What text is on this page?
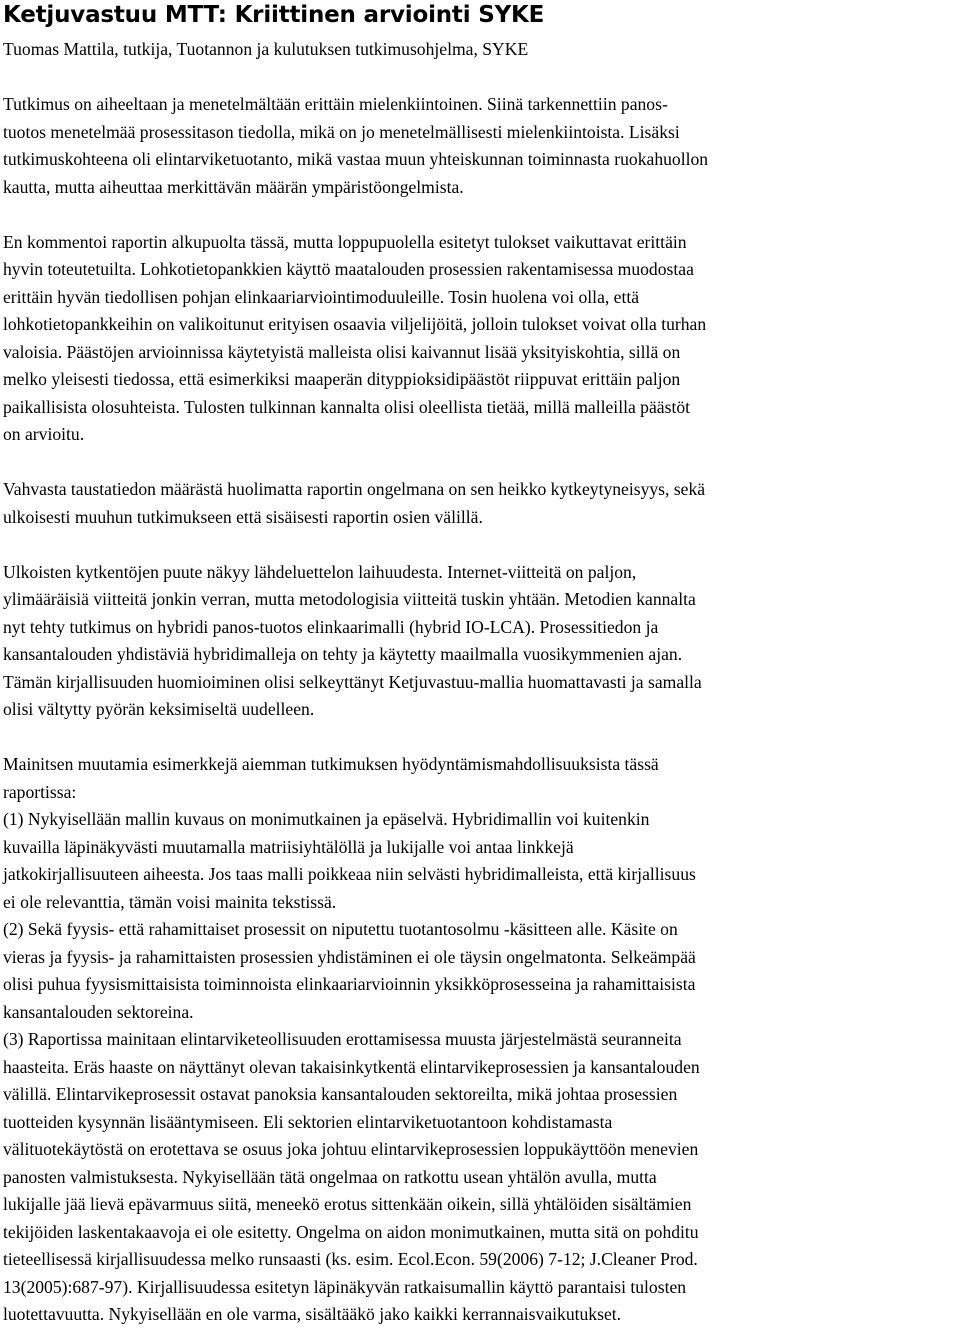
Ketjuvastuu MTT: Kriittinen arviointi SYKE

Tuomas Mattila, tutkija, Tuotannon ja kulutuksen tutkimusohjelma, SYKE

Tutkimus on aiheeltaan ja menetelmältään erittäin mielenkiintoinen. Siinä tarkennettiin panos-
tuotos menetelmää prosessitason tiedolla, mikä on jo menetelmällisesti mielenkiintoista. Lisäksi
tutkimuskohteena oli elintarviketuotanto, mikä vastaa muun yhteiskunnan toiminnasta ruokahuollon
kautta, mutta aiheuttaa merkittävän määrän ympäristöongelmista.

En kommentoi raportin alkupuolta tässä, mutta loppupuolella esitetyt tulokset vaikuttavat erittäin
hyvin toteutetuilta. Lohkotietopankkien käyttö maatalouden prosessien rakentamisessa muodostaa
erittäin hyvän tiedollisen pohjan elinkaariarviointimoduuleille. Tosin huolena voi olla, että
lohkotietopankkeihin on valikoitunut erityisen osaavia viljelijöitä, jolloin tulokset voivat olla turhan
valoisia. Päästöjen arvioinnissa käytetyistä malleista olisi kaivannut lisää yksityiskohtia, sillä on
melko yleisesti tiedossa, että esimerkiksi maaperän dityppioksidipäästöt riippuvat erittäin paljon
paikallisista olosuhteista. Tulosten tulkinnan kannalta olisi oleellista tietää, millä malleilla päästöt
on arvioitu.

Vahvasta taustatiedon määrästä huolimatta raportin ongelmana on sen heikko kytkeytyneisyys, sekä
ulkoisesti muuhun tutkimukseen että sisäisesti raportin osien välillä.

Ulkoisten kytkentöjen puute näkyy lähdeluettelon laihuudesta. Internet-viitteitä on paljon,
ylimääräisiä viitteitä jonkin verran, mutta metodologisia viitteitä tuskin yhtään. Metodien kannalta
nyt tehty tutkimus on hybridi panos-tuotos elinkaarimalli (hybrid IO-LCA). Prosessitiedon ja
kansantalouden yhdistäviä hybridimalleja on tehty ja käytetty maailmalla vuosikymmenien ajan.
Tämän kirjallisuuden huomioiminen olisi selkeyttänyt Ketjuvastuu-mallia huomattavasti ja samalla
olisi vältytty pyörän keksimiseltä uudelleen.

Mainitsen muutamia esimerkkejä aiemman tutkimuksen hyödyntämismahdollisuuksista tässä
raportissa:
(1) Nykyisellään mallin kuvaus on monimutkainen ja epäselvä. Hybridimallin voi kuitenkin
kuvailla läpinäkyvästi muutamalla matriisiyhtälöllä ja lukijalle voi antaa linkkejä
jatkokirjallisuuteen aiheesta. Jos taas malli poikkeaa niin selvästi hybridimalleista, että kirjallisuus
ei ole relevanttia, tämän voisi mainita tekstissä.
(2) Sekä fyysis- että rahamittaiset prosessit on niputettu tuotantosolmu -käsitteen alle. Käsite on
vieras ja fyysis- ja rahamittaisten prosessien yhdistäminen ei ole täysin ongelmatonta. Selkeämpää
olisi puhua fyysismittaisista toiminnoista elinkaariarvioinnin yksikköprosesseina ja rahamittaisista
kansantalouden sektoreina.
(3) Raportissa mainitaan elintarviketeollisuuden erottamisessa muusta järjestelmästä seuranneita
haasteita. Eräs haaste on näyttänyt olevan takaisinkytkentä elintarvikeprosessien ja kansantalouden
välillä. Elintarvikeprosessit ostavat panoksia kansantalouden sektoreilta, mikä johtaa prosessien
tuotteiden kysynnän lisääntymiseen. Eli sektorien elintarviketuotantoon kohdistamasta
välituotekäytöstä on erotettava se osuus joka johtuu elintarvikeprosessien loppukäyttöön menevien
panosten valmistuksesta. Nykyisellään tätä ongelmaa on ratkottu usean yhtälön avulla, mutta
lukijalle jää lievä epävarmuus siitä, meneekö erotus sittenkään oikein, sillä yhtälöiden sisältämien
tekijöiden laskentakaavoja ei ole esitetty. Ongelma on aidon monimutkainen, mutta sitä on pohditu
tieteellisessä kirjallisuudessa melko runsaasti (ks. esim. Ecol.Econ. 59(2006) 7-12; J.Cleaner Prod.
13(2005):687-97). Kirjallisuudessa esitetyn läpinäkyvän ratkaisumallin käyttö parantaisi tulosten
luotettavuutta. Nykyisellään en ole varma, sisältääkö jako kaikki kerrannaisvaikutukset.
